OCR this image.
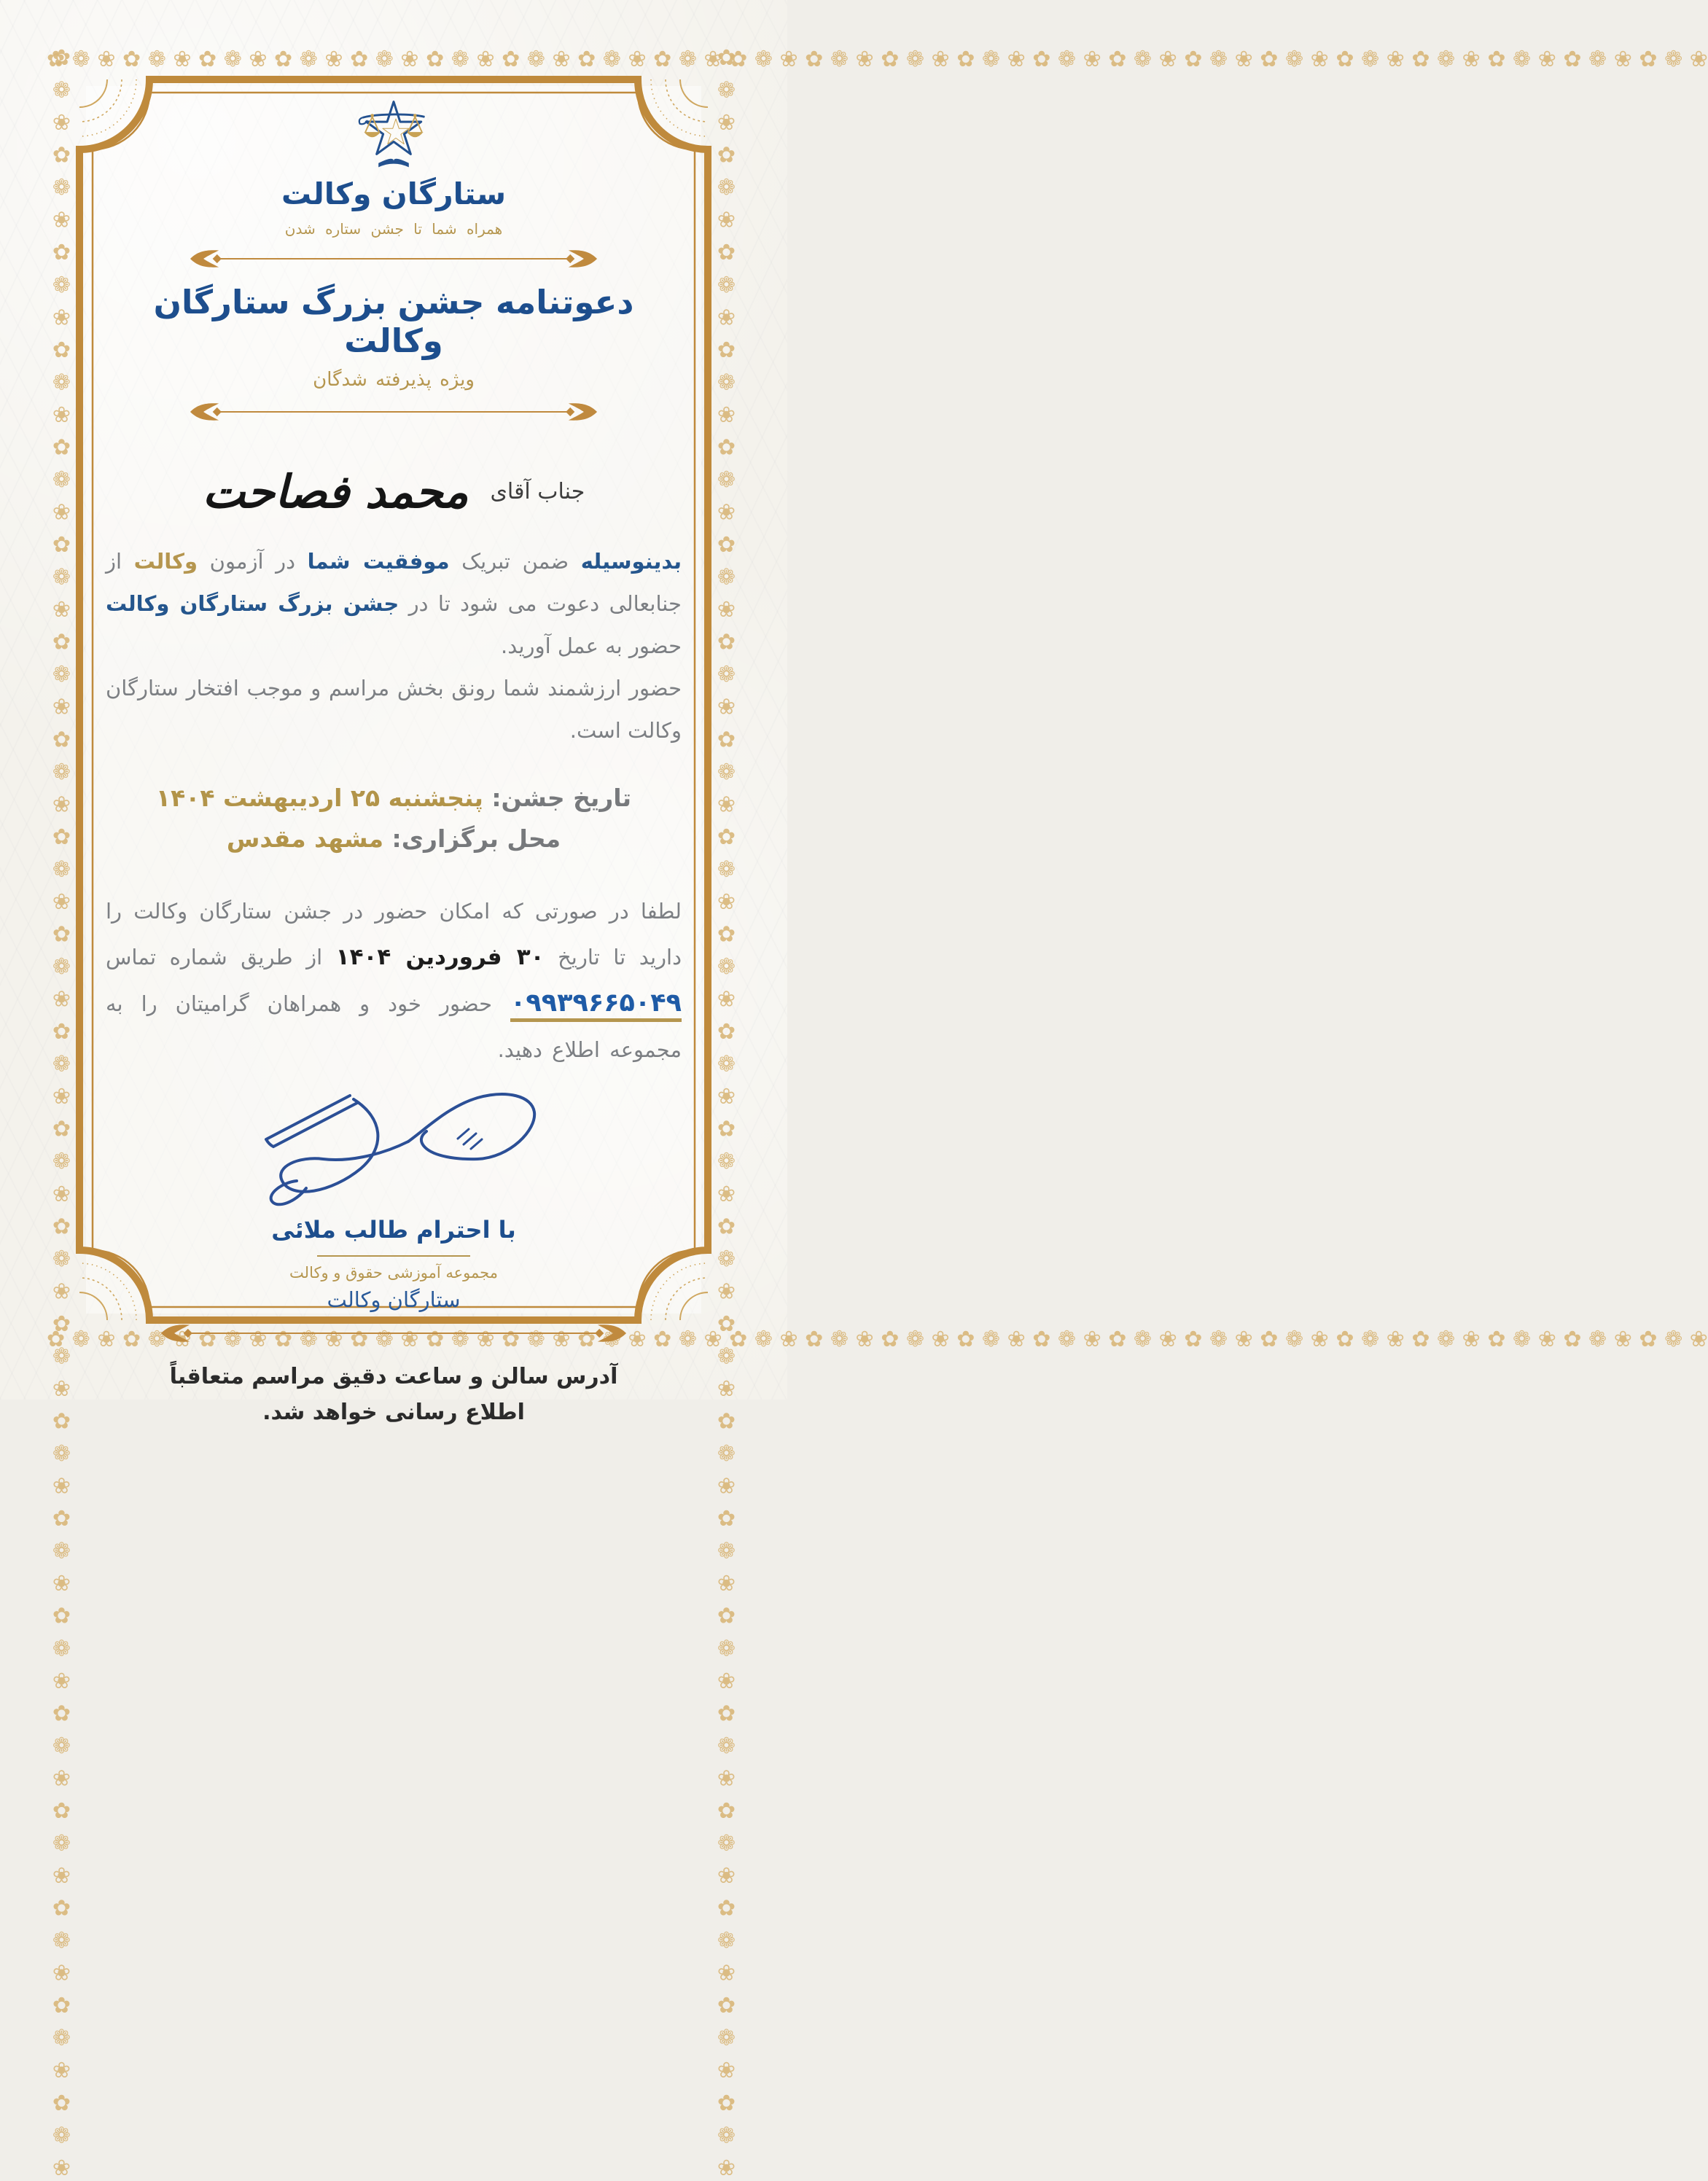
✿ ❁ ❀ ✿ ❁ ❀ ✿ ❁ ❀ ✿ ❁ ❀ ✿ ❁ ❀ ✿ ❁ ❀ ✿ ❁ ❀ ✿ ❁ ❀ ✿ ❁ ❀ ✿ ❁ ❀ ✿ ❁ ❀ ✿ ❁ ❀ ✿ ❁ ❀ ✿ ❁ ❀ ✿ ❁ ❀ ✿ ❁ ❀ ✿ ❁ ❀ ✿ ❁ ❀ ✿ ❁ ❀ ✿ ❁ ❀ ✿ ❁ ❀ ✿ ❁ ❀
✿ ❁ ❀ ✿ ❁ ❀ ✿ ❁ ❀ ✿ ❁ ❀ ✿ ❁ ❀ ✿ ❁ ❀ ✿ ❁ ❀ ✿ ❁ ❀ ✿ ❁ ❀ ✿ ❁ ❀ ✿ ❁ ❀ ✿ ❁ ❀ ✿ ❁ ❀ ✿ ❁ ❀ ✿ ❁ ❀ ✿ ❁ ❀ ✿ ❁ ❀ ✿ ❁ ❀ ✿ ❁ ❀ ✿ ❁ ❀ ✿ ❁ ❀ ✿ ❁ ❀
✿ ❁ ❀ ✿ ❁ ❀ ✿ ❁ ❀ ✿ ❁ ❀ ✿ ❁ ❀ ✿ ❁ ❀ ✿ ❁ ❀ ✿ ❁ ❀ ✿ ❁ ❀ ✿ ❁ ❀ ✿ ❁ ❀ ✿ ❁ ❀ ✿ ❁ ❀ ✿ ❁ ❀ ✿ ❁ ❀ ✿ ❁ ❀ ✿ ❁ ❀ ✿ ❁ ❀ ✿ ❁ ❀ ✿ ❁ ❀ ✿ ❁ ❀ ✿ ❁ ❀
✿ ❁ ❀ ✿ ❁ ❀ ✿ ❁ ❀ ✿ ❁ ❀ ✿ ❁ ❀ ✿ ❁ ❀ ✿ ❁ ❀ ✿ ❁ ❀ ✿ ❁ ❀ ✿ ❁ ❀ ✿ ❁ ❀ ✿ ❁ ❀ ✿ ❁ ❀ ✿ ❁ ❀ ✿ ❁ ❀ ✿ ❁ ❀ ✿ ❁ ❀ ✿ ❁ ❀ ✿ ❁ ❀ ✿ ❁ ❀ ✿ ❁ ❀ ✿ ❁ ❀
ستارگان وکالت
همراه شما تا جشن ستاره شدن
دعوتنامه جشن بزرگ ستارگان وکالت
ویژه پذیرفته شدگان
جناب آقای
محمد فصاحت

بدینوسیله ضمن تبریک موفقیت شما در آزمون وکالت از جنابعالی دعوت می شود تا در جشن بزرگ ستارگان وکالت حضور به عمل آورید.

حضور ارزشمند شما رونق بخش مراسم و موجب افتخار ستارگان وکالت است.

تاریخ جشن: پنجشنبه ۲۵ اردیبهشت ۱۴۰۴
محل برگزاری: مشهد مقدس
لطفا در صورتی که امکان حضور در جشن ستارگان وکالت را دارید تا تاریخ ۳۰ فروردین ۱۴۰۴ از طریق شماره تماس ۰۹۹۳۹۶۶۵۰۴۹ حضور خود و همراهان گرامیتان را به مجموعه اطلاع دهید.
با احترام طالب ملائی
مجموعه آموزشی حقوق و وکالت
ستارگان وکالت
آدرس سالن و ساعت دقیق مراسم متعاقباً
اطلاع رسانی خواهد شد.
